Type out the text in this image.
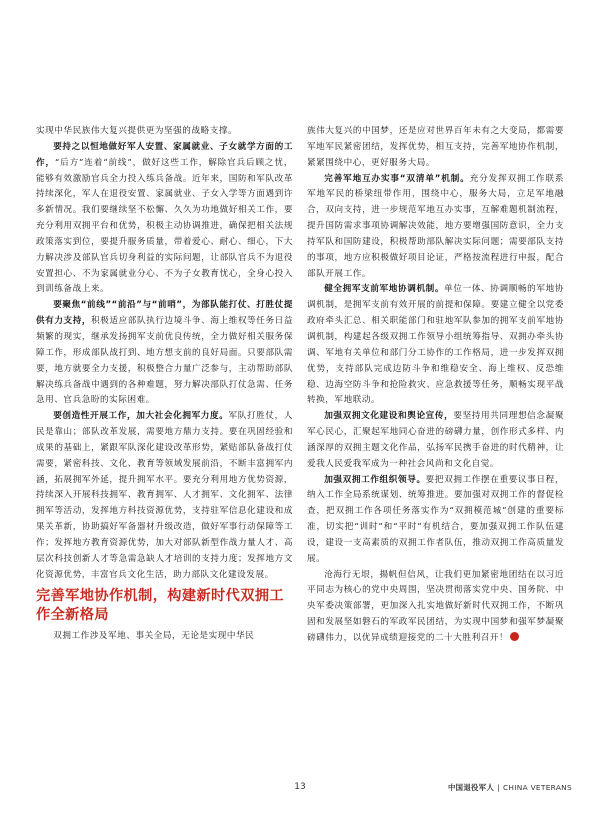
实现中华民族伟大复兴提供更为坚强的战略支撑。

要持之以恒地做好军人安置、家属就业、子女就学方面的工作，“后方”连着“前线”，做好这些工作，解除官兵后顾之忧，能够有效激励官兵全力投入练兵备战。近年来，国防和军队改革持续深化，军人在退役安置、家属就业、子女入学等方面遇到许多新情况。我们要继续坚不松懈、久久为功地做好相关工作，要充分利用双拥平台和优势，积极主动协调推进，确保把相关法规政策落实到位，要提升服务质量，带着爱心、耐心、细心，下大力解决涉及部队官兵切身利益的实际问题，让部队官兵不为退役安置担心、不为家属就业分心、不为子女教育忧心，全身心投入到训练备战上来。

要聚焦“前线”“前沿”与“前哨”，为部队能打仗、打胜仗提供有力支持，积极适应部队执行边境斗争、海上维权等任务日益频繁的现实，继承发扬拥军支前优良传统，全力做好相关服务保障工作，形成部队战打到、地方想支前的良好局面。只要部队需要，地方就要全力支援，积极整合力量广泛参与，主动帮助部队解决练兵备战中遇到的各种难题，努力解决部队打仗急需、任务急用、官兵急盼的实际困难。

要创造性开展工作，加大社会化拥军力度。军队打胜仗，人民是靠山；部队改革发展，需要地方鼎力支持。要在巩固经验和成果的基础上，紧跟军队深化建设改革形势，紧贴部队备战打仗需要，紧密科技、文化、教育等领域发展前沿，不断丰富拥军内涵，拓展拥军外延，提升拥军水平。要充分利用地方优势资源，持续深入开展科技拥军、教育拥军、人才拥军、文化拥军、法律拥军等活动，发挥地方科技资源优势，支持驻军信息化建设和成果关革新，协助搞好军备器材升级改造，做好军事行动保障等工作；发挥地方教育资源优势，加大对部队新型作战力量人才、高层次科技创新人才等急需急缺人才培训的支持力度；发挥地方文化资源优势，丰富官兵文化生活，助力部队文化建设发展。

完善军地协作机制，构建新时代双拥工作全新格局

双拥工作涉及军地、事关全局，无论是实现中华民

族伟大复兴的中国梦，还是应对世界百年未有之大变局，都需要军地军民紧密团结，发挥优势，相互支持，完善军地协作机制，紧紧围绕中心，更好服务大局。

完善军地互办实事“双清单”机制。充分发挥双拥工作联系军地军民的桥梁纽带作用，围绕中心，服务大局，立足军地融合，双向支持，进一步规范军地互办实事，互解难题机制流程，提升国防需求事项协调解决效能，地方要增强国防意识，全力支持军队和国防建设，积极帮助部队解决实际问题；需要部队支持的事项，地方应积极做好项目论证，严格按流程进行申报，配合部队开展工作。

健全拥军支前军地协调机制。单位一体、协调顺畅的军地协调机制，是拥军支前有效开展的前提和保障。要建立健全以党委政府牵头汇总、相关职能部门和驻地军队参加的拥军支前军地协调机制，构建起各级双拥工作领导小组统筹指导、双拥办牵头协调、军地有关单位和部门分工协作的工作格局，进一步发挥双拥优势，支持部队完成边防斗争和维稳安全、海上维权、反恐维稳、边海空防斗争和抢险救灾、应急救援等任务，顺畅实现平战转换，军地联动。

加强双拥文化建设和舆论宣传，要坚持用共同理想信念凝聚军心民心，汇聚起军地同心奋进的磅礴力量，创作形式多样、内涵深厚的双拥主题文化作品，弘扬军民携手奋进的时代精神，让爱我人民爱我军成为一种社会风尚和文化自觉。

加强双拥工作组织领导。要把双拥工作摆在重要议事日程，纳入工作全局系统谋划、统筹推进。要加强对双拥工作的督促检查，把双拥工作各项任务落实作为“双拥模范城”创建的重要标准，切实把“训时”和“平时”有机结合，要加强双拥工作队伍建设，建设一支高素质的双拥工作者队伍，推动双拥工作高质量发展。

沧海行无垠，揚帆但信风，让我们更加紧密地团结在以习近平同志为核心的党中央周围，坚决贯彻落实党中央、国务院、中央军委决策部署，更加深入扎实地做好新时代双拥工作，不断巩固和发展坚如磐石的军政军民团结，为实现中国梦和强军梦凝聚磅礴伟力，以优异成绩迎接党的二十大胜利召开！

13	中国退役军人 | CHINA VETERANS
